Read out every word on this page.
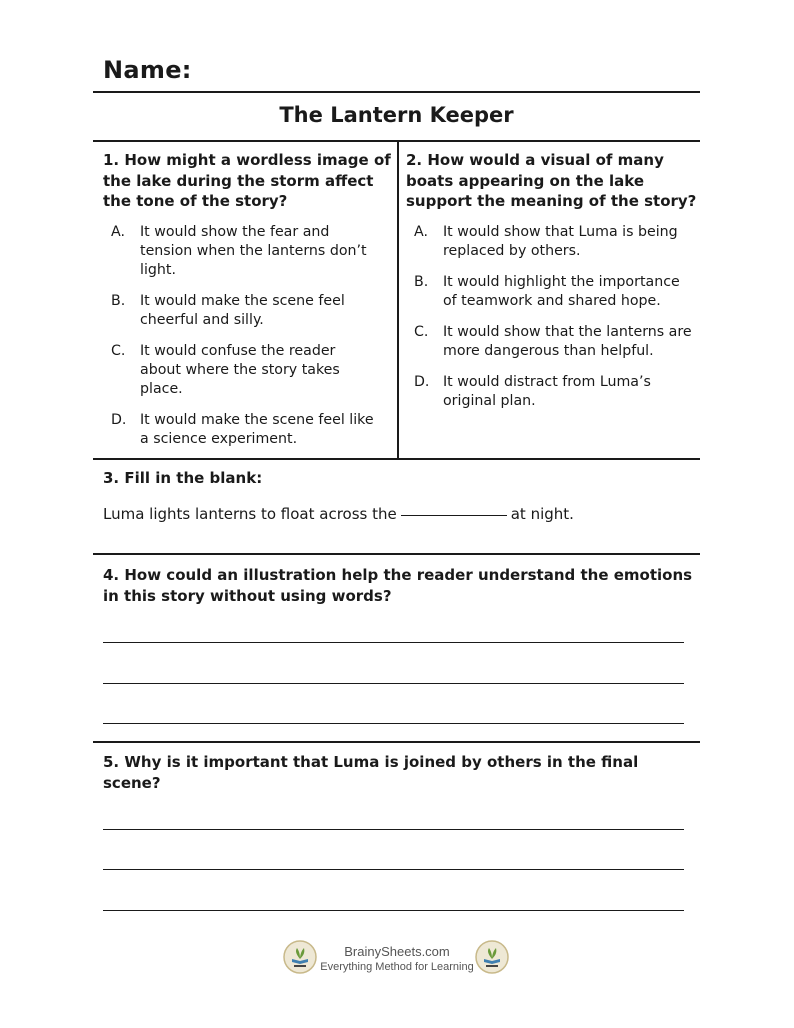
Name:
The Lantern Keeper
1. How might a wordless image of the lake during the storm affect the tone of the story?
A.	It would show the fear and tension when the lanterns don’t light.
B.	It would make the scene feel cheerful and silly.
C.	It would confuse the reader about where the story takes place.
D. It would make the scene feel like a science experiment.
2. How would a visual of many boats appearing on the lake support the meaning of the story?
A.	It would show that Luma is being replaced by others.
B.	It would highlight the importance of teamwork and shared hope.
C.	It would show that the lanterns are more dangerous than helpful.
D. It would distract from Luma’s original plan.
3. Fill in the blank:
Luma lights lanterns to float across the	at night.
4. How could an illustration help the reader understand the emotions in this story without using words?
5. Why is it important that Luma is joined by others in the final scene?
BrainySheets.com
Everything Method for Learning
